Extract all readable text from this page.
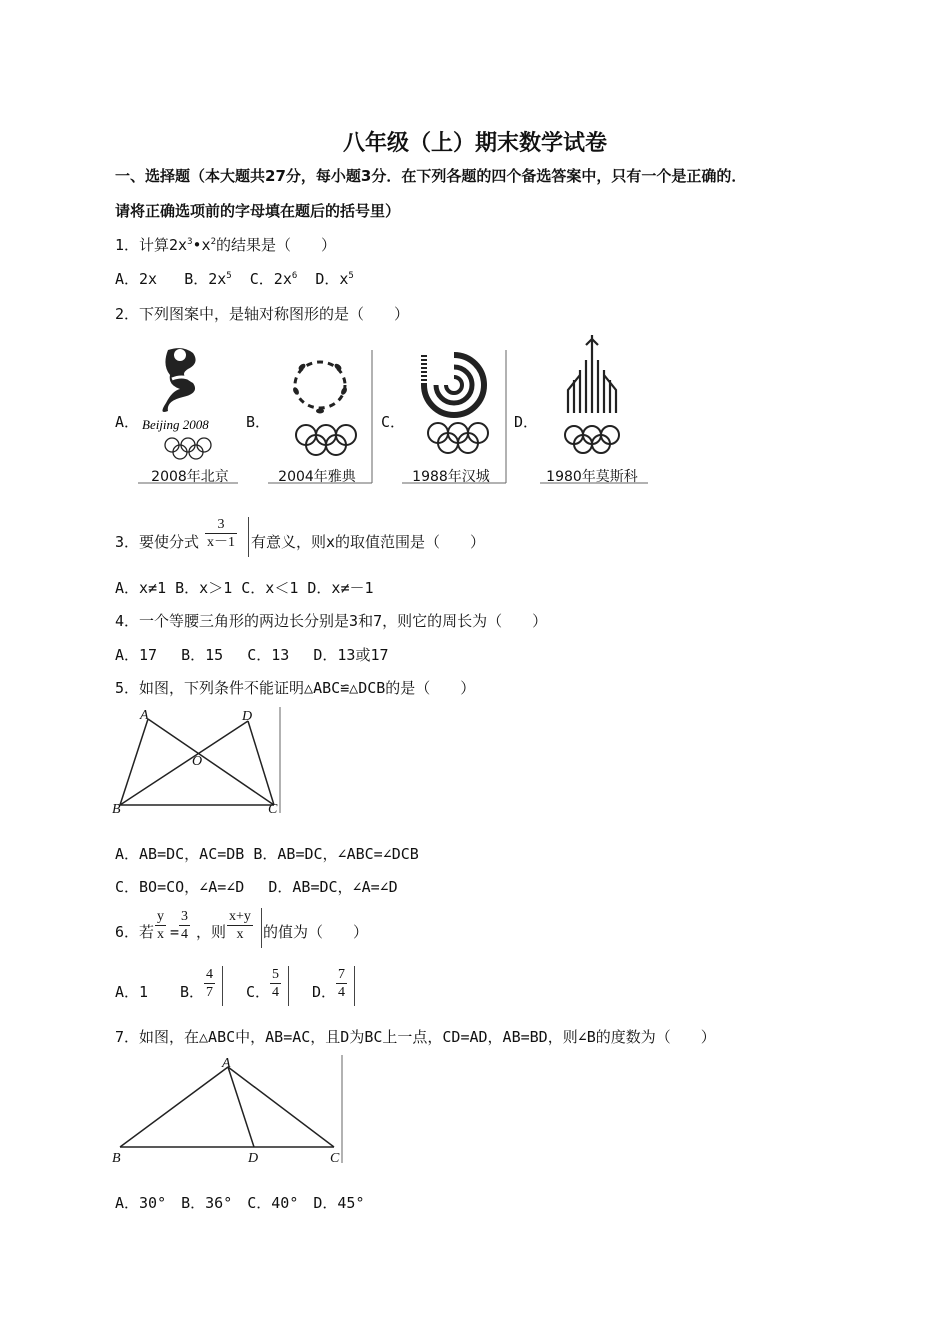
八年级（上）期末数学试卷
一、选择题（本大题共27分，每小题3分．在下列各题的四个备选答案中，只有一个是正确的．
请将正确选项前的字母填在题后的括号里）
1．计算$2x^3•x^2$的结果是（　　）
A．2x B．$2x^5$ C．$2x^6$ D．$x^5$
2．下列图案中，是轴对称图形的是（　　）
A．	B．	C．	D．
Beijing 2008
2008年北京	2004年雅典	1988年汉城	1980年莫斯科
3．要使分式 $\frac{3}{x-1}$ 有意义，则x的取值范围是（　　）
A．x≠1 B．x＞1 C．x＜1 D．x≠－1
4．一个等腰三角形的两边长分别是3和7，则它的周长为（　　）
A．17　 B．15　 C．13　 D．13或17
5．如图，下列条件不能证明△ABC≌△DCB的是（　　）
A	D
O
B	C
A．AB=DC，AC=DB B．AB=DC，∠ABC=∠DCB
C．BO=CO，∠A=∠D　 D．AB=DC，∠A=∠D
6．若 $\frac{y}{x} = \frac{3}{4}$ ，则 $\frac{x+y}{x}$ 的值为（　　）
A．1 B． $\frac{4}{7}$ C． $\frac{5}{4}$ D． $\frac{7}{4}$
7．如图，在△ABC中，AB=AC，且D为BC上一点，CD=AD，AB=BD，则∠B的度数为（　　）
A
B	D	C
A．30°　B．36°　C．40°　D．45°
